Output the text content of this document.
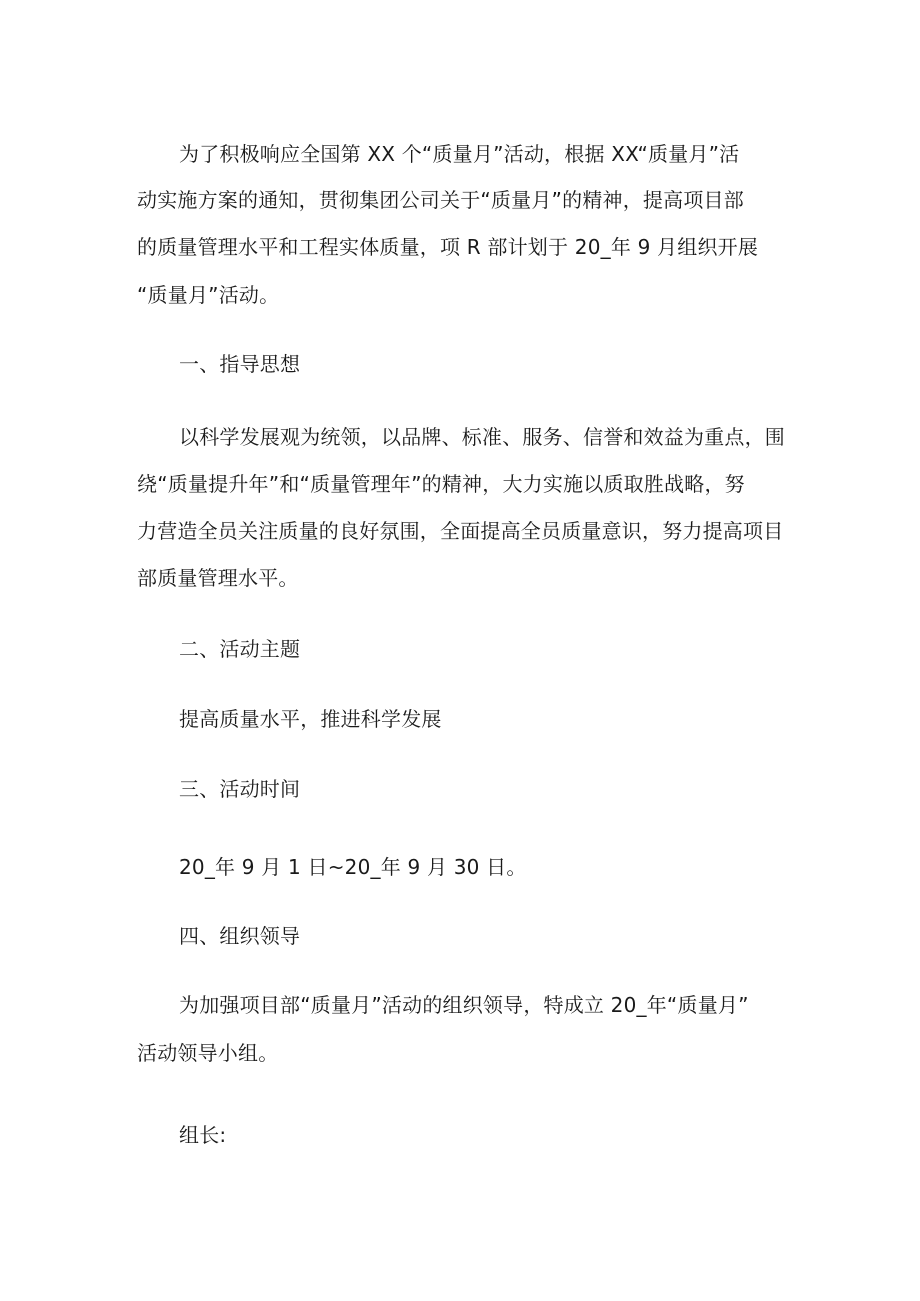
为了积极响应全国第 XX 个“质量月”活动，根据 XX“质量月”活
动实施方案的通知，贯彻集团公司关于“质量月”的精神，提高项目部
的质量管理水平和工程实体质量，项 R 部计划于 20_年 9 月组织开展
“质量月”活动。
一、指导思想
以科学发展观为统领，以品牌、标准、服务、信誉和效益为重点，围
绕“质量提升年”和“质量管理年”的精神，大力实施以质取胜战略，努
力营造全员关注质量的良好氛围，全面提高全员质量意识，努力提高项目
部质量管理水平。
二、活动主题
提高质量水平，推进科学发展
三、活动时间
20_年 9 月 1 日~20_年 9 月 30 日。
四、组织领导
为加强项目部“质量月”活动的组织领导，特成立 20_年“质量月”
活动领导小组。
组长:
